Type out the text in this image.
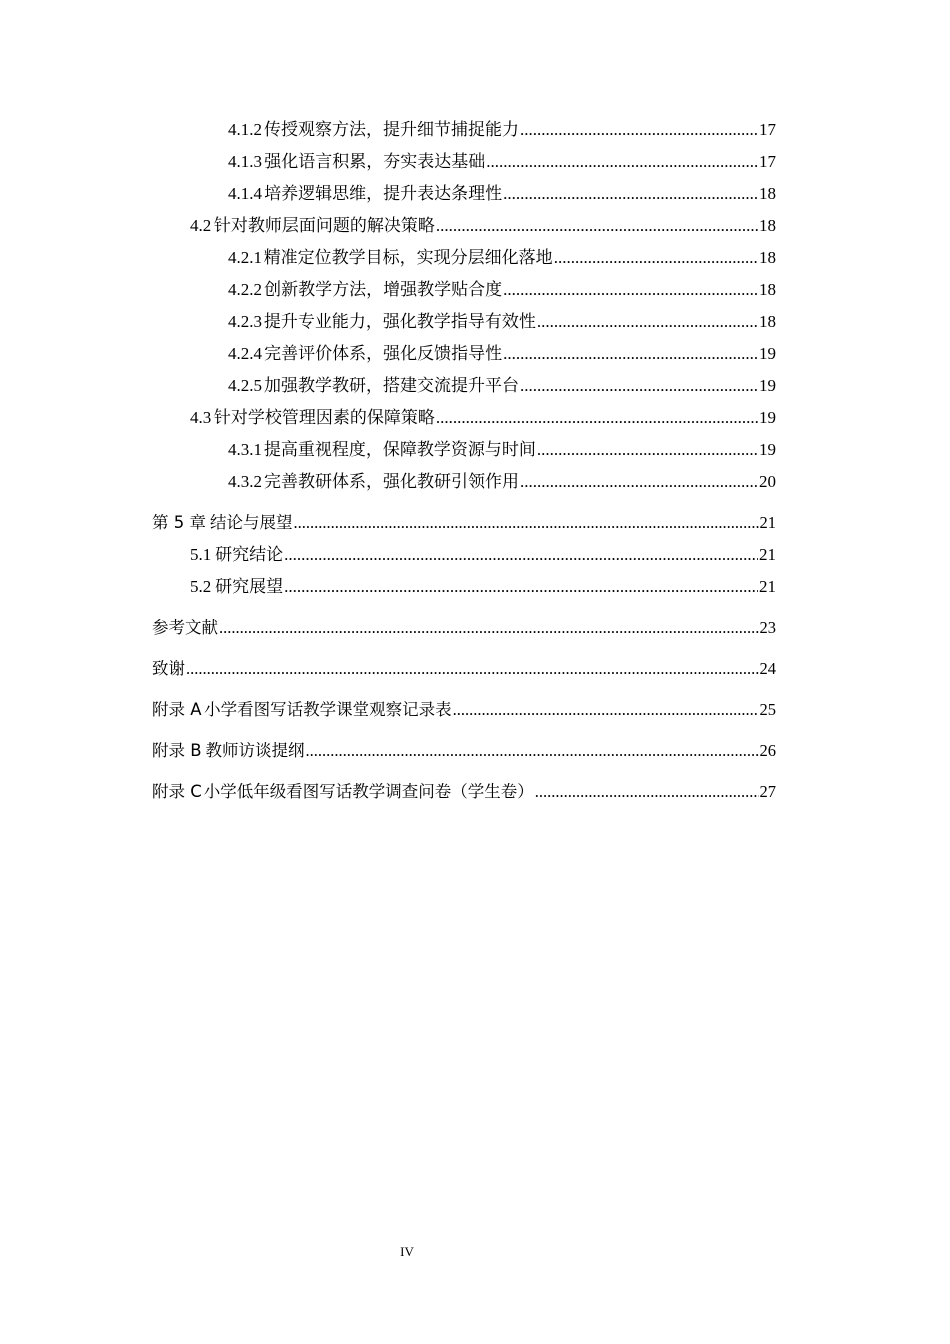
4.1.2 传授观察方法，提升细节捕捉能力 .....	17
4.1.3 强化语言积累，夯实表达基础 .....	17
4.1.4 培养逻辑思维，提升表达条理性 .....	18
4.2 针对教师层面问题的解决策略 .....	18
4.2.1 精准定位教学目标，实现分层细化落地 .....	18
4.2.2 创新教学方法，增强教学贴合度 .....	18
4.2.3 提升专业能力，强化教学指导有效性 .....	18
4.2.4 完善评价体系，强化反馈指导性 .....	19
4.2.5 加强教学教研，搭建交流提升平台 .....	19
4.3 针对学校管理因素的保障策略 .....	19
4.3.1 提高重视程度，保障教学资源与时间 .....	19
4.3.2 完善教研体系，强化教研引领作用 .....	20
第 5 章 结论与展望 .....	21
5.1 研究结论 .....	21
5.2 研究展望 .....	21
参考文献 .....	23
致谢 .....	24
附录 A 小学看图写话教学课堂观察记录表 .....	25
附录 B 教师访谈提纲 .....	26
附录 C 小学低年级看图写话教学调查问卷（学生卷） .....	27
IV
